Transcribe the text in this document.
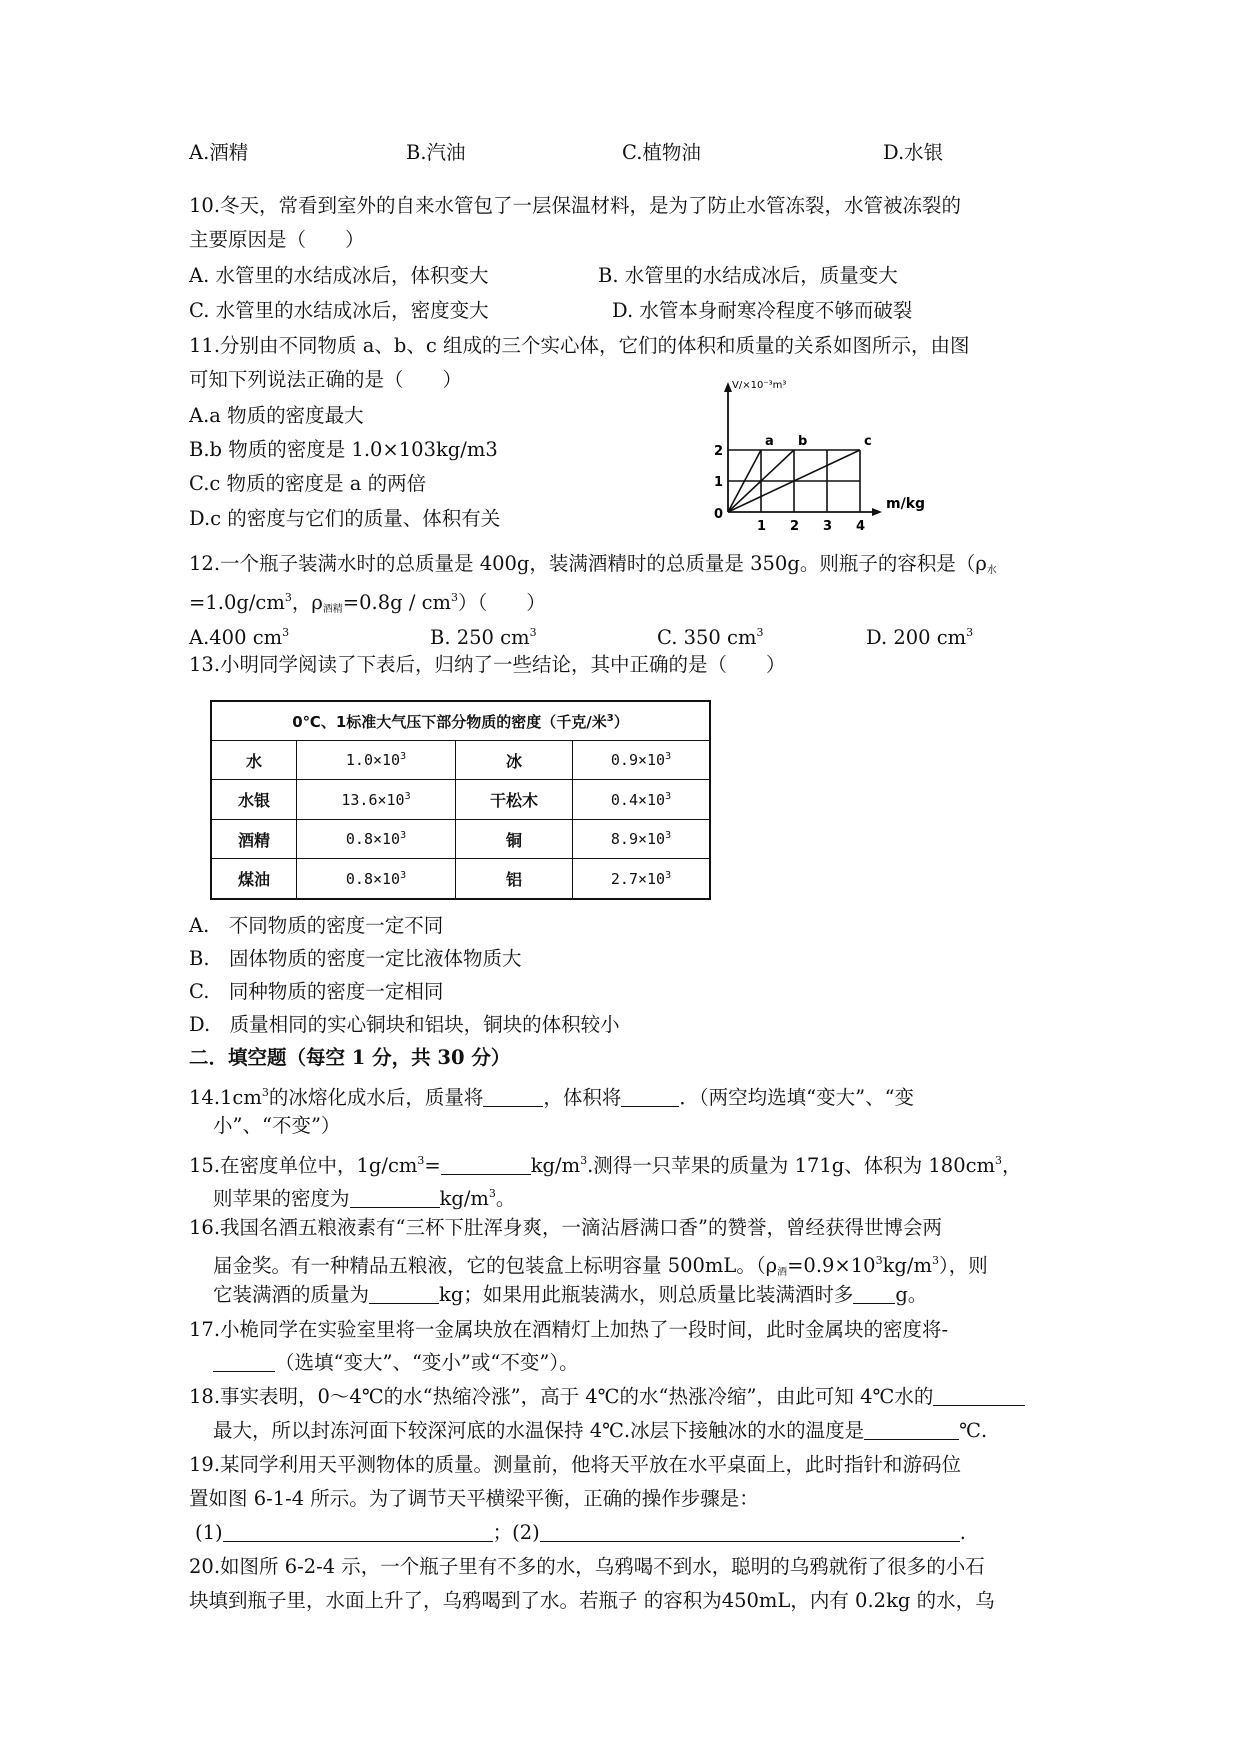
A.酒精	B.汽油	C.植物油	D.水银
10.冬天，常看到室外的自来水管包了一层保温材料，是为了防止水管冻裂，水管被冻裂的
主要原因是（　　）
A. 水管里的水结成冰后，体积变大	B. 水管里的水结成冰后，质量变大
C. 水管里的水结成冰后，密度变大	D. 水管本身耐寒冷程度不够而破裂
11.分别由不同物质 a、b、c 组成的三个实心体，它们的体积和质量的关系如图所示，由图
可知下列说法正确的是（　　）
A.a 物质的密度最大
B.b 物质的密度是 1.0×103kg/m3
C.c 物质的密度是 a 的两倍
D.c 的密度与它们的质量、体积有关
a b	c
1 2 3 4
1
2
0
m/kg
V/×10⁻³m³
12.一个瓶子装满水时的总质量是 400g，装满酒精时的总质量是 350g。则瓶子的容积是（$\rho_水$
$=1.0g/cm^3$，$\rho_{酒精}=0.8g / cm^3$）（　　）
A.400 $cm^3$	B. 250 $cm^3$	C. 350 $cm^3$	D. 200 $cm^3$
13.小明同学阅读了下表后，归纳了一些结论，其中正确的是（　　）
0℃、1标准大气压下部分物质的密度（千克/米$^3$）			
水	$1.0\times 10^3$	冰	$0.9\times 10^3$
水银	$13.6\times 10^3$	干松木	$0.4\times 10^3$
酒精	$0.8\times 10^3$	铜	$8.9\times 10^3$
煤油	$0.8\times 10^3$	铝	$2.7\times 10^3$
A.　不同物质的密度一定不同
B.　固体物质的密度一定比液体物质大
C.　同种物质的密度一定相同
D.　质量相同的实心铜块和铝块，铜块的体积较小
二．填空题（每空 1 分，共 30 分）
$14.1cm^3$的冰熔化成水后，质量将	，体积将	．（两空均选填“变大”、“变
小”、“不变”）
15.在密度单位中，$1g/cm^3=$	$kg/m^3$.测得一只苹果的质量为 171g、体积为 $180cm^3$，
则苹果的密度为	$kg/m^3$。
16.我国名酒五粮液素有“三杯下肚浑身爽，一滴沾唇满口香”的赞誉，曾经获得世博会两
届金奖。有一种精品五粮液，它的包装盒上标明容量 500mL。$(\rho_酒=0.9\times 10^3kg/m^3)$，则
它装满酒的质量为	kg；如果用此瓶装满水，则总质量比装满酒时多 g。
17.小桅同学在实验室里将一金属块放在酒精灯上加热了一段时间，此时金属块的密度将-
（选填“变大”、“变小”或“不变”）。
18.事实表明，0～4℃的水“热缩冷涨”，高于 4℃的水“热涨冷缩”，由此可知 4℃水的
最大，所以封冻河面下较深河底的水温保持 4℃.冰层下接触冰的水的温度是	℃.
19.某同学利用天平测物体的质量。测量前，他将天平放在水平桌面上，此时指针和游码位
置如图 6-1-4 所示。为了调节天平横梁平衡，正确的操作步骤是：
(1)	；(2)	.
20.如图所 6-2-4 示，一个瓶子里有不多的水，乌鸦喝不到水，聪明的乌鸦就衔了很多的小石
块填到瓶子里，水面上升了，乌鸦喝到了水。若瓶子 的容积为450mL，内有 0.2kg 的水，乌
